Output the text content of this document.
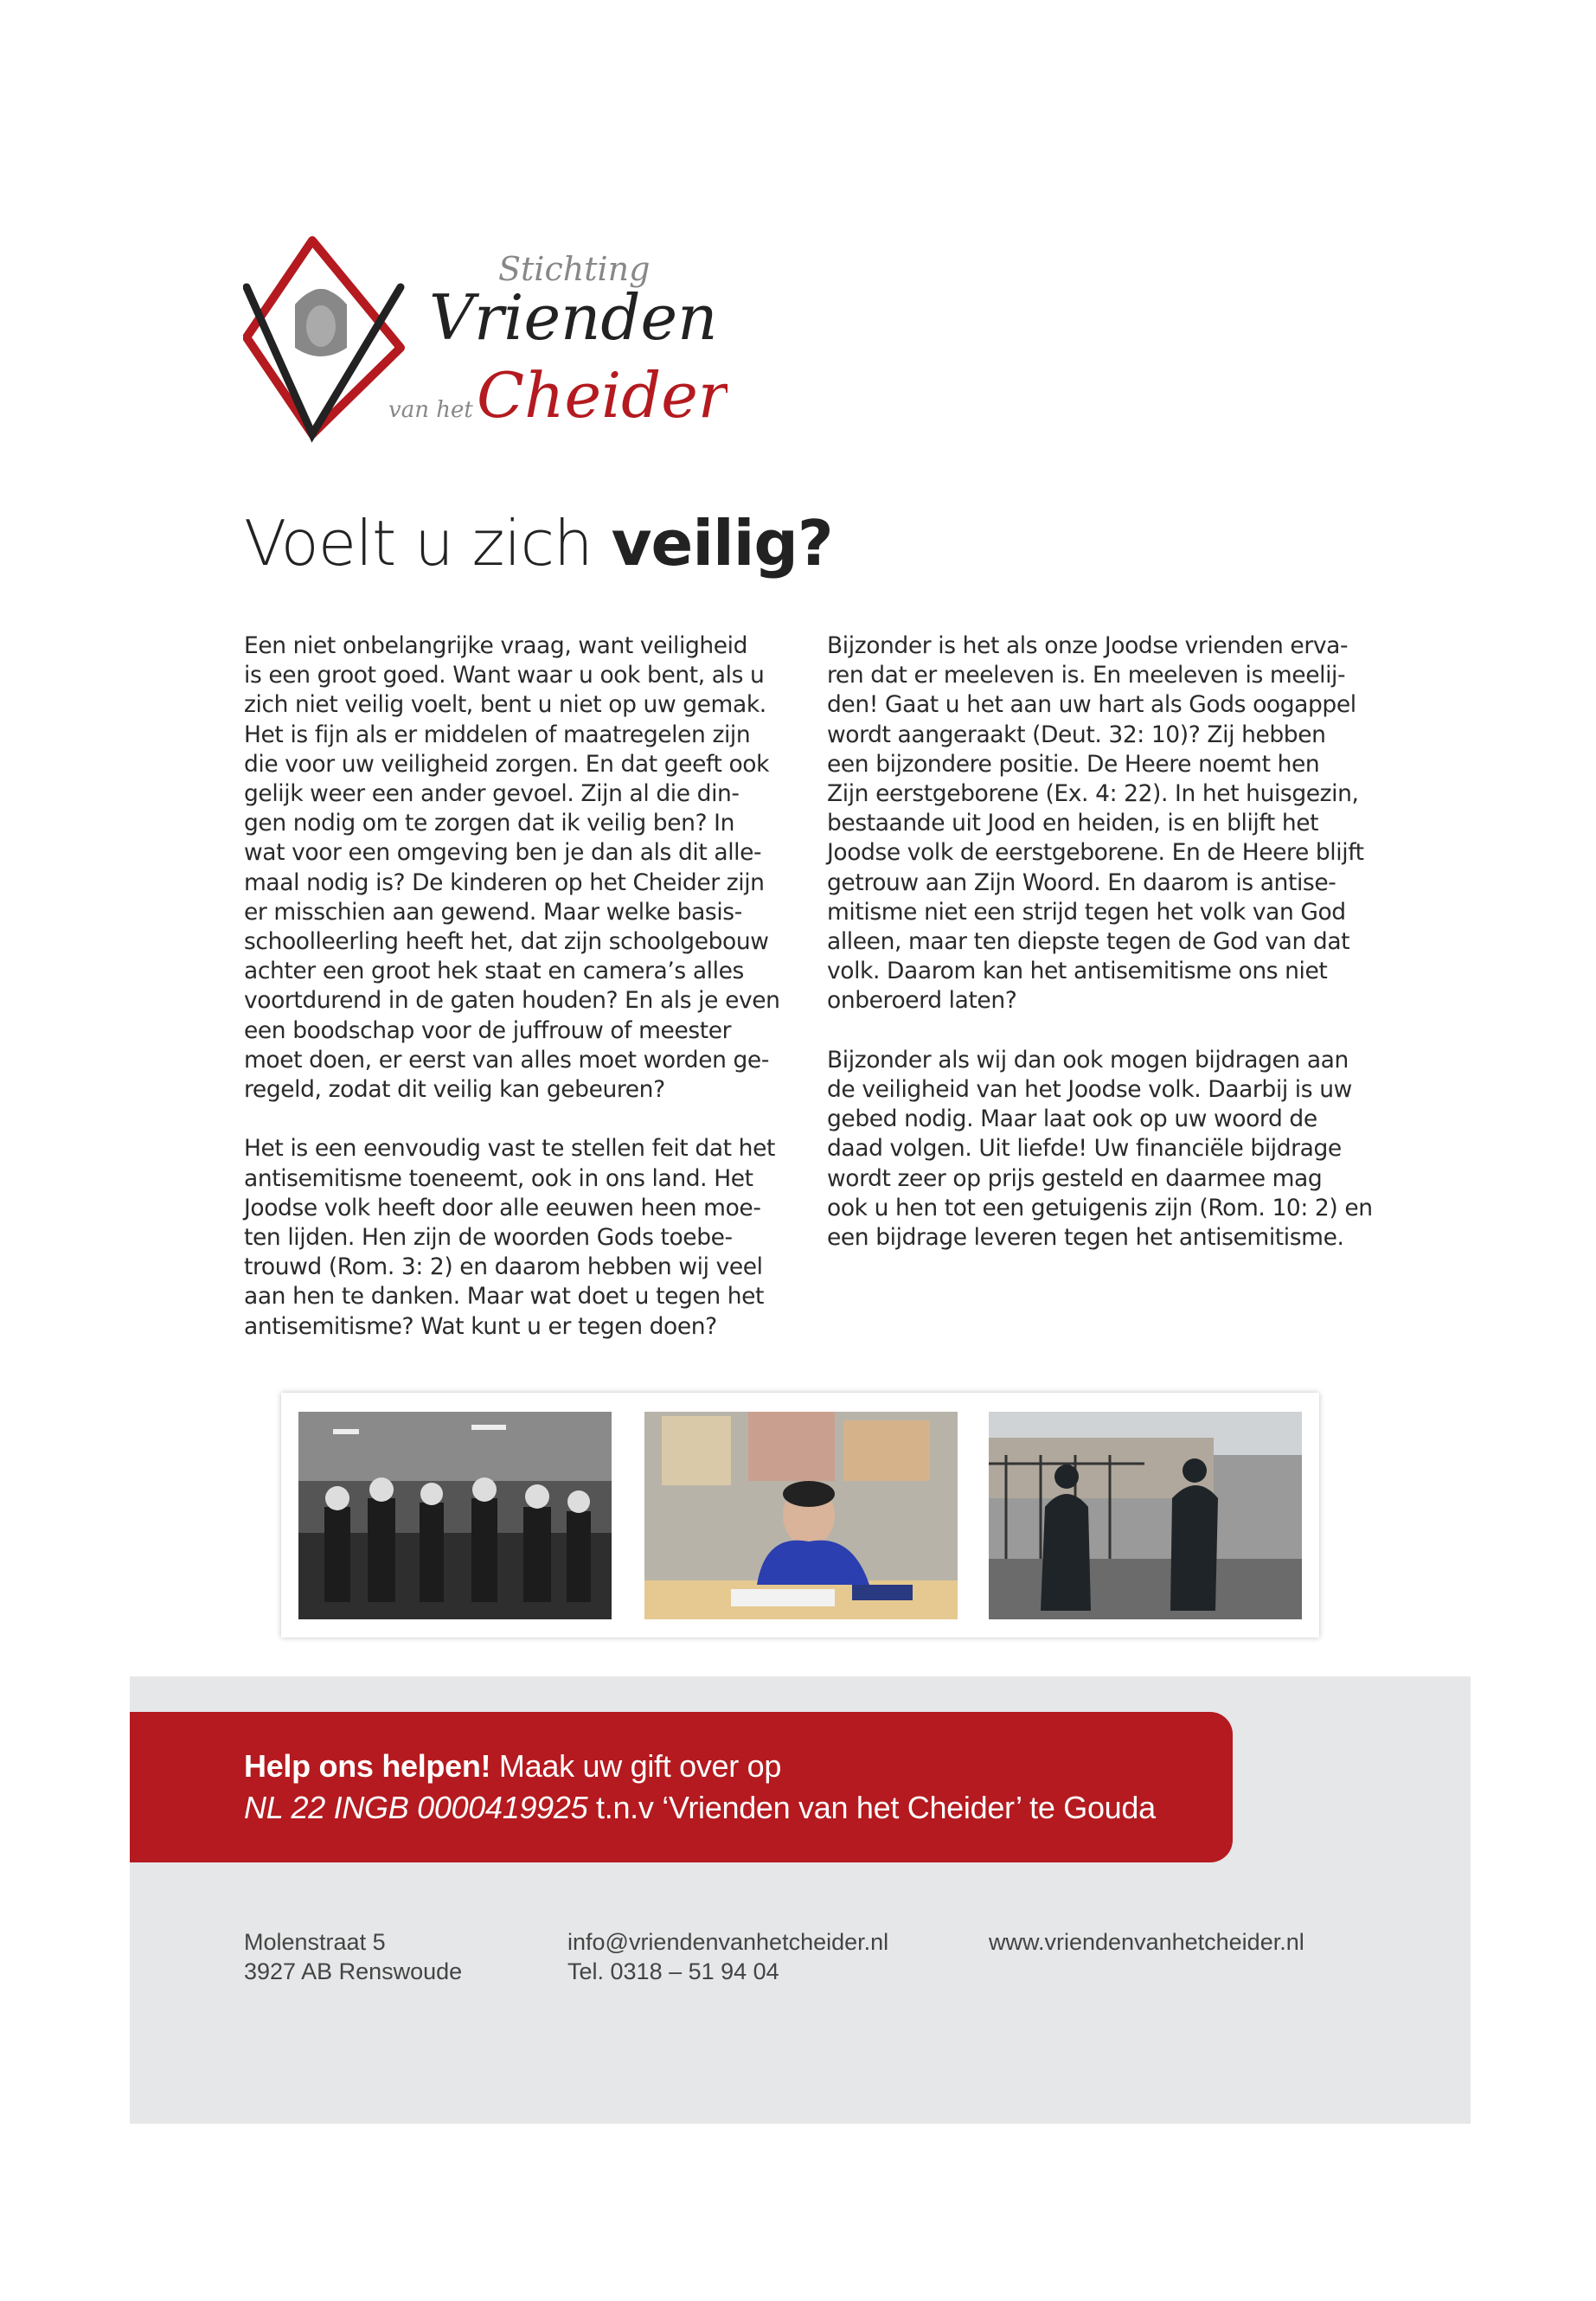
Stichting
Vrienden
van het Cheider
Voelt u zich veilig?

Een niet onbelangrijke vraag, want veiligheid
is een groot goed. Want waar u ook bent, als u
zich niet veilig voelt, bent u niet op uw gemak.
Het is fijn als er middelen of maatregelen zijn
die voor uw veiligheid zorgen. En dat geeft ook
gelijk weer een ander gevoel. Zijn al die din-
gen nodig om te zorgen dat ik veilig ben? In
wat voor een omgeving ben je dan als dit alle-
maal nodig is? De kinderen op het Cheider zijn
er misschien aan gewend. Maar welke basis-
schoolleerling heeft het, dat zijn schoolgebouw
achter een groot hek staat en camera’s alles
voortdurend in de gaten houden? En als je even
een boodschap voor de juffrouw of meester
moet doen, er eerst van alles moet worden ge-
regeld, zodat dit veilig kan gebeuren?

Het is een eenvoudig vast te stellen feit dat het
antisemitisme toeneemt, ook in ons land. Het
Joodse volk heeft door alle eeuwen heen moe-
ten lijden. Hen zijn de woorden Gods toebe-
trouwd (Rom. 3: 2) en daarom hebben wij veel
aan hen te danken. Maar wat doet u tegen het
antisemitisme? Wat kunt u er tegen doen?

Bijzonder is het als onze Joodse vrienden erva-
ren dat er meeleven is. En meeleven is meelij-
den! Gaat u het aan uw hart als Gods oogappel
wordt aangeraakt (Deut. 32: 10)? Zij hebben
een bijzondere positie. De Heere noemt hen
Zijn eerstgeborene (Ex. 4: 22). In het huisgezin,
bestaande uit Jood en heiden, is en blijft het
Joodse volk de eerstgeborene. En de Heere blijft
getrouw aan Zijn Woord. En daarom is antise-
mitisme niet een strijd tegen het volk van God
alleen, maar ten diepste tegen de God van dat
volk. Daarom kan het antisemitisme ons niet
onberoerd laten?

Bijzonder als wij dan ook mogen bijdragen aan
de veiligheid van het Joodse volk. Daarbij is uw
gebed nodig. Maar laat ook op uw woord de
daad volgen. Uit liefde! Uw financiële bijdrage
wordt zeer op prijs gesteld en daarmee mag
ook u hen tot een getuigenis zijn (Rom. 10: 2) en
een bijdrage leveren tegen het antisemitisme.

Help ons helpen! Maak uw gift over op
NL 22 INGB 0000419925 t.n.v ‘Vrienden van het Cheider’ te Gouda
Molenstraat 5
3927 AB Renswoude
info@vriendenvanhetcheider.nl
Tel. 0318 – 51 94 04
www.vriendenvanhetcheider.nl
